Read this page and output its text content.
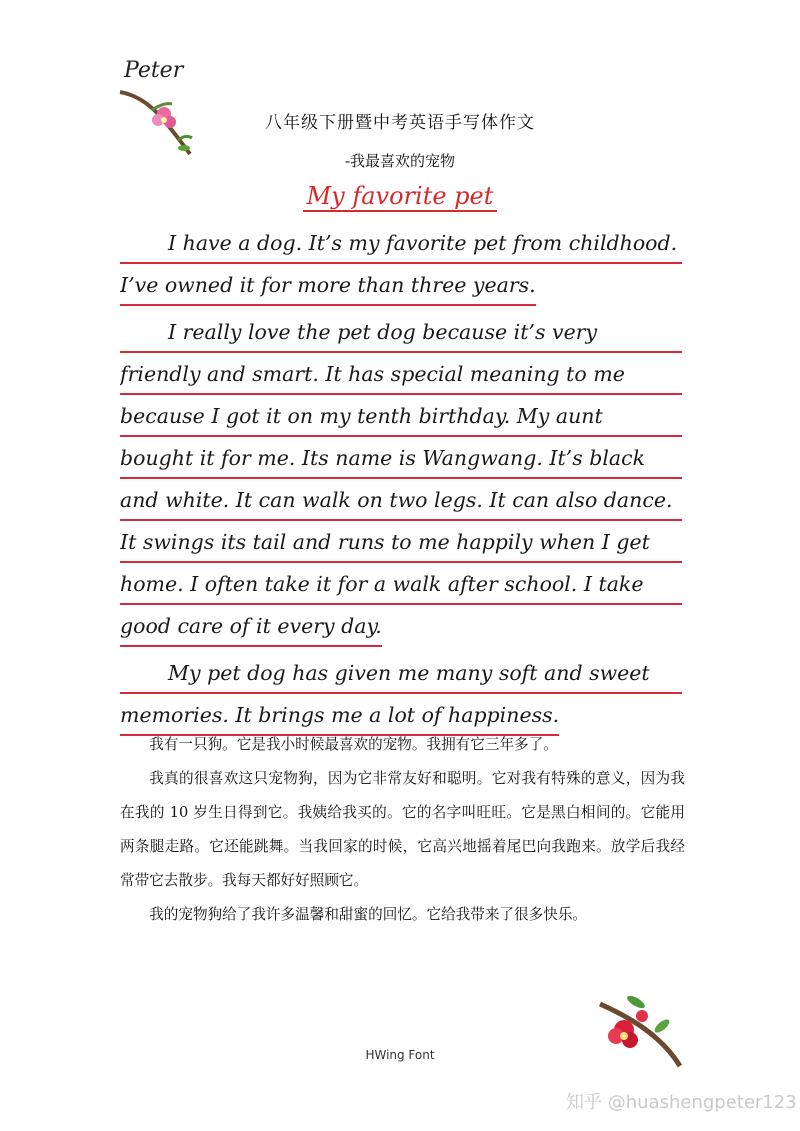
Peter
八年级下册暨中考英语手写体作文
-我最喜欢的宠物
My favorite pet
I have a dog. It’s my favorite pet from childhood.
I’ve owned it for more than three years.
I really love the pet dog because it’s very
friendly and smart. It has special meaning to me
because I got it on my tenth birthday. My aunt
bought it for me. Its name is Wangwang. It’s black
and white. It can walk on two legs. It can also dance.
It swings its tail and runs to me happily when I get
home. I often take it for a walk after school. I take
good care of it every day.
My pet dog has given me many soft and sweet
memories. It brings me a lot of happiness.

我有一只狗。它是我小时候最喜欢的宠物。我拥有它三年多了。

我真的很喜欢这只宠物狗，因为它非常友好和聪明。它对我有特殊的意义，因为我在我的 10 岁生日得到它。我姨给我买的。它的名字叫旺旺。它是黑白相间的。它能用两条腿走路。它还能跳舞。当我回家的时候，它高兴地摇着尾巴向我跑来。放学后我经常带它去散步。我每天都好好照顾它。

我的宠物狗给了我许多温馨和甜蜜的回忆。它给我带来了很多快乐。

HWing Font
知乎 @huashengpeter123
